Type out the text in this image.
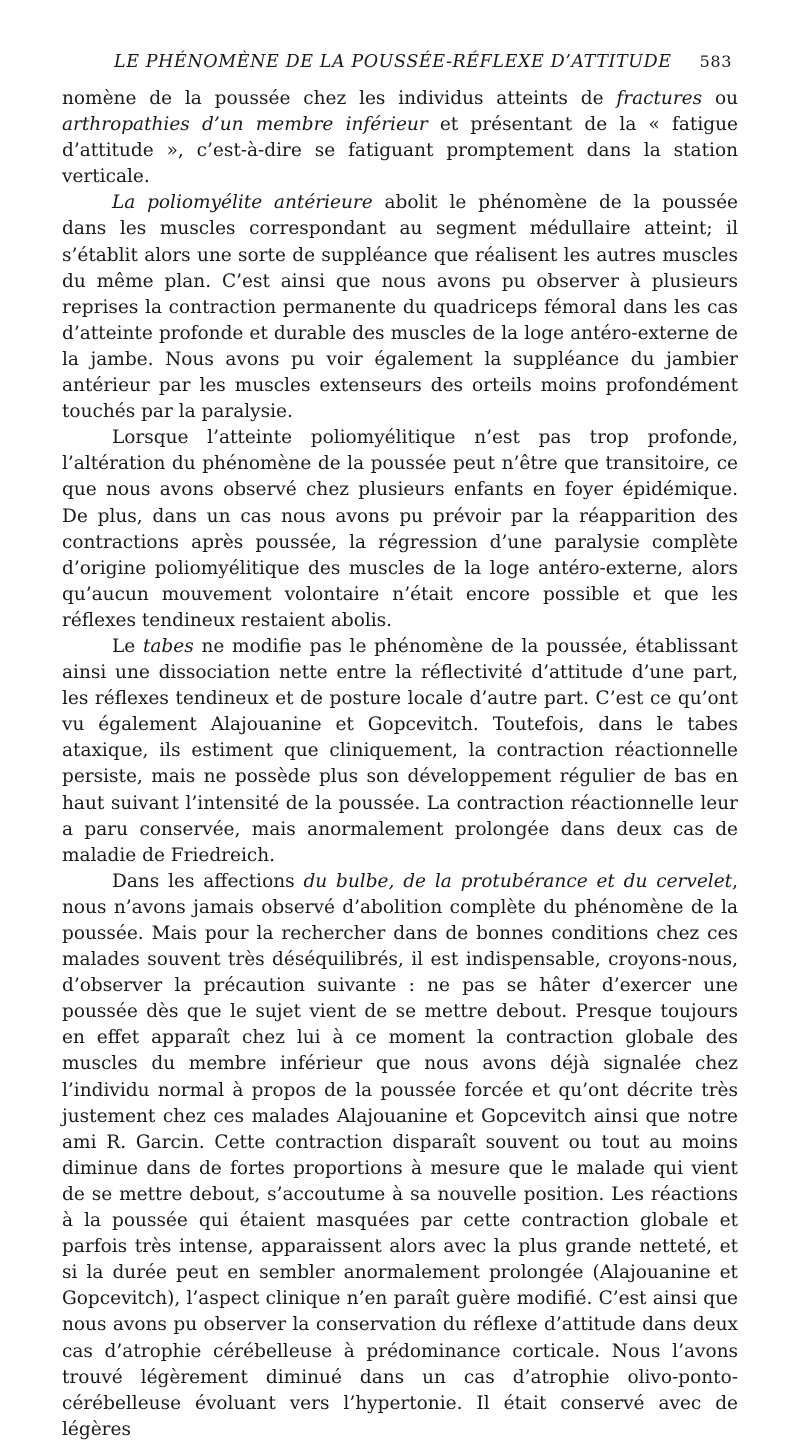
LE PHÉNOMÈNE DE LA POUSSÉE-RÉFLEXE D’ATTITUDE 583

nomène de la poussée chez les individus atteints de fractures ou arthropathies d’un membre inférieur et présentant de la « fatigue d’attitude », c’est-à-dire se fatiguant promptement dans la station verticale.

La poliomyélite antérieure abolit le phénomène de la poussée dans les muscles correspondant au segment médullaire atteint; il s’établit alors une sorte de suppléance que réalisent les autres muscles du même plan. C’est ainsi que nous avons pu observer à plusieurs reprises la contraction permanente du quadriceps fémoral dans les cas d’atteinte profonde et durable des muscles de la loge antéro-externe de la jambe. Nous avons pu voir également la suppléance du jambier antérieur par les muscles extenseurs des orteils moins profondément touchés par la paralysie.

Lorsque l’atteinte poliomyélitique n’est pas trop profonde, l’altération du phénomène de la poussée peut n’être que transitoire, ce que nous avons observé chez plusieurs enfants en foyer épidémique. De plus, dans un cas nous avons pu prévoir par la réapparition des contractions après poussée, la régression d’une paralysie complète d’origine poliomyélitique des muscles de la loge antéro-externe, alors qu’aucun mouvement volontaire n’était encore possible et que les réflexes tendineux restaient abolis.

Le tabes ne modifie pas le phénomène de la poussée, établissant ainsi une dissociation nette entre la réflectivité d’attitude d’une part, les réflexes tendineux et de posture locale d’autre part. C’est ce qu’ont vu également Alajouanine et Gopcevitch. Toutefois, dans le tabes ataxique, ils estiment que cliniquement, la contraction réactionnelle persiste, mais ne possède plus son développement régulier de bas en haut suivant l’intensité de la poussée. La contraction réactionnelle leur a paru conservée, mais anormalement prolongée dans deux cas de maladie de Friedreich.

Dans les affections du bulbe, de la protubérance et du cervelet, nous n’avons jamais observé d’abolition complète du phénomène de la poussée. Mais pour la rechercher dans de bonnes conditions chez ces malades souvent très déséquilibrés, il est indispensable, croyons-nous, d’observer la précaution suivante : ne pas se hâter d’exercer une poussée dès que le sujet vient de se mettre debout. Presque toujours en effet apparaît chez lui à ce moment la contraction globale des muscles du membre inférieur que nous avons déjà signalée chez l’individu normal à propos de la poussée forcée et qu’ont décrite très justement chez ces malades Alajouanine et Gopcevitch ainsi que notre ami R. Garcin. Cette contraction disparaît souvent ou tout au moins diminue dans de fortes proportions à mesure que le malade qui vient de se mettre debout, s’accoutume à sa nouvelle position. Les réactions à la poussée qui étaient masquées par cette contraction globale et parfois très intense, apparaissent alors avec la plus grande netteté, et si la durée peut en sembler anormalement prolongée (Alajouanine et Gopcevitch), l’aspect clinique n’en paraît guère modifié. C’est ainsi que nous avons pu observer la conservation du réflexe d’attitude dans deux cas d’atrophie cérébelleuse à prédominance corticale. Nous l’avons trouvé légèrement diminué dans un cas d’atrophie olivo-ponto-cérébelleuse évoluant vers l’hypertonie. Il était conservé avec de légères
